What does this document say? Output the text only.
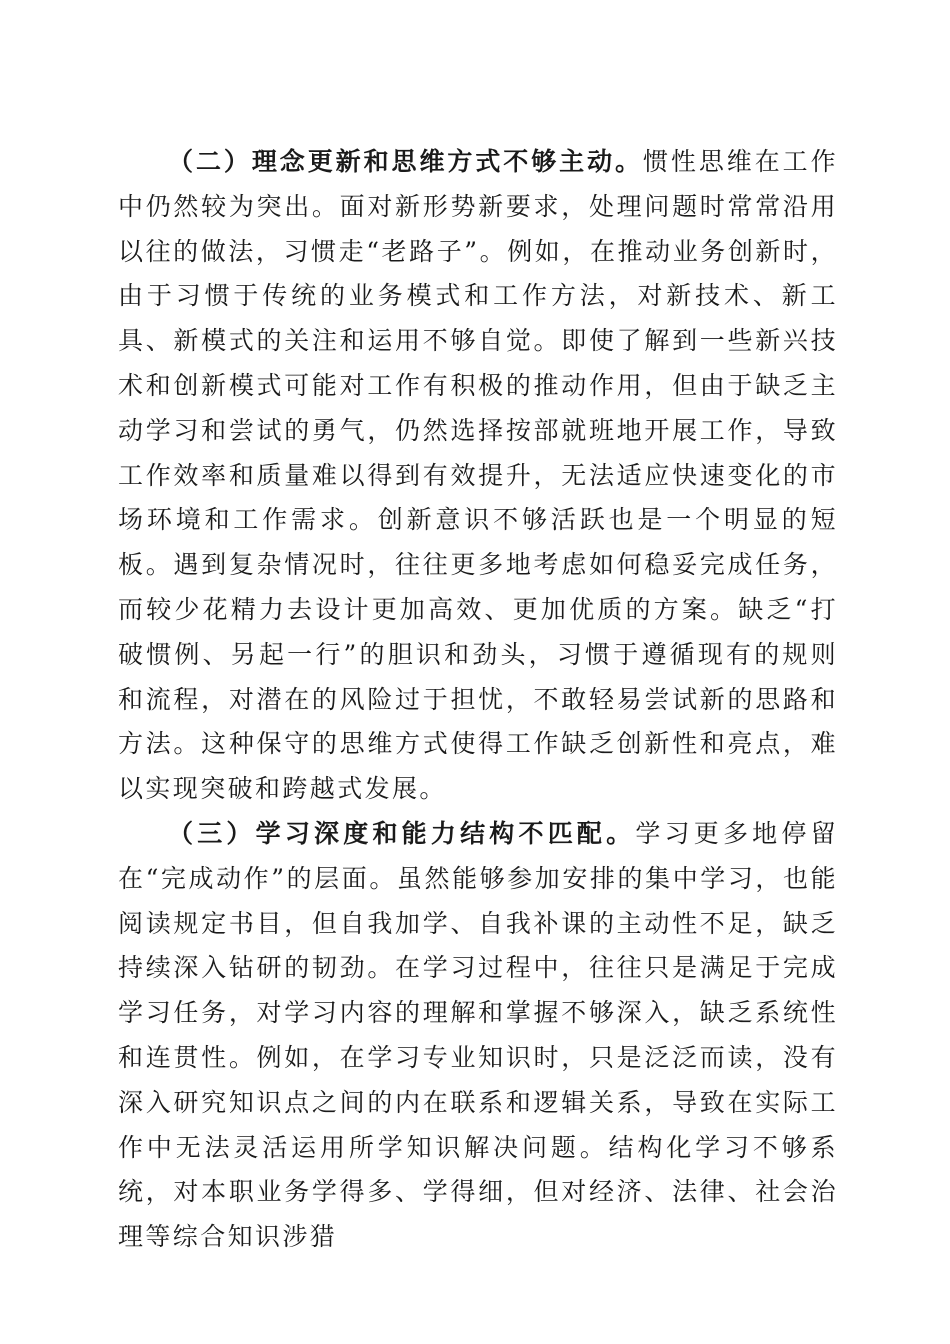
（二）理念更新和思维方式不够主动。惯性思维在工作中仍然较为突出。面对新形势新要求，处理问题时常常沿用以往的做法，习惯走“老路子”。例如，在推动业务创新时，由于习惯于传统的业务模式和工作方法，对新技术、新工具、新模式的关注和运用不够自觉。即使了解到一些新兴技术和创新模式可能对工作有积极的推动作用，但由于缺乏主动学习和尝试的勇气，仍然选择按部就班地开展工作，导致工作效率和质量难以得到有效提升，无法适应快速变化的市场环境和工作需求。创新意识不够活跃也是一个明显的短板。遇到复杂情况时，往往更多地考虑如何稳妥完成任务，而较少花精力去设计更加高效、更加优质的方案。缺乏“打破惯例、另起一行”的胆识和劲头，习惯于遵循现有的规则和流程，对潜在的风险过于担忧，不敢轻易尝试新的思路和方法。这种保守的思维方式使得工作缺乏创新性和亮点，难以实现突破和跨越式发展。

（三）学习深度和能力结构不匹配。学习更多地停留在“完成动作”的层面。虽然能够参加安排的集中学习，也能阅读规定书目，但自我加学、自我补课的主动性不足，缺乏持续深入钻研的韧劲。在学习过程中，往往只是满足于完成学习任务，对学习内容的理解和掌握不够深入，缺乏系统性和连贯性。例如，在学习专业知识时，只是泛泛而读，没有深入研究知识点之间的内在联系和逻辑关系，导致在实际工作中无法灵活运用所学知识解决问题。结构化学习不够系统，对本职业务学得多、学得细，但对经济、法律、社会治理等综合知识涉猎
